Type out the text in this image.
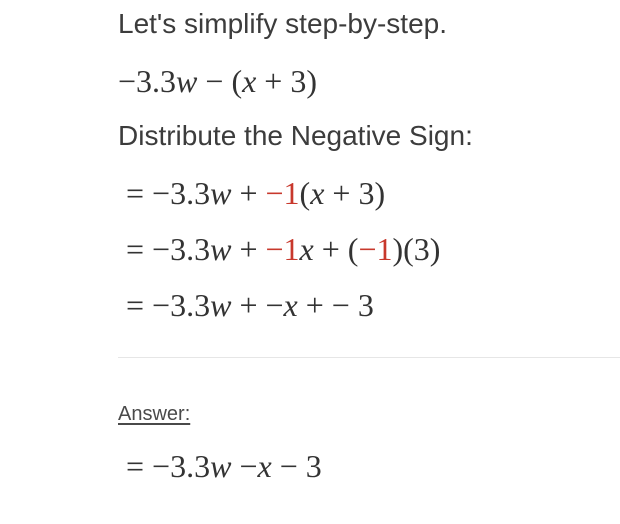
Let's simplify step-by-step.
−3.3w − (x + 3)
Distribute the Negative Sign:
= −3.3w + −1(x + 3)
= −3.3w + −1x + (−1)(3)
= −3.3w + −x + − 3
Answer:
= −3.3w −x − 3
